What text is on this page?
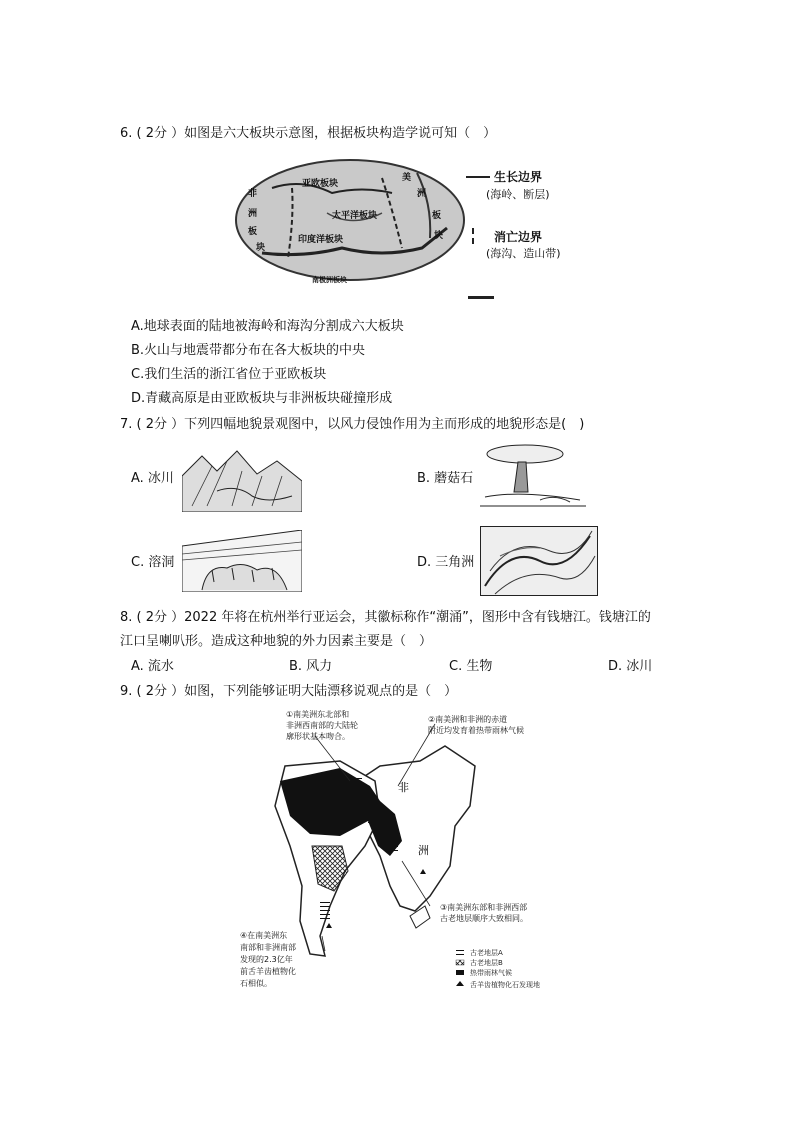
6. ( 2分 ）如图是六大板块示意图，根据板块构造学说可知（　）
亚欧板块
非
洲
板
块
太平洋板块
印度洋板块
南极洲板块
美
洲
板
块
生长边界
(海岭、断层)
消亡边界
(海沟、造山带)
A.地球表面的陆地被海岭和海沟分割成六大板块
B.火山与地震带都分布在各大板块的中央
C.我们生活的浙江省位于亚欧板块
D.青藏高原是由亚欧板块与非洲板块碰撞形成
7. ( 2分 ）下列四幅地貌景观图中，以风力侵蚀作用为主而形成的地貌形态是(　)
A. 冰川	B. 蘑菇石
C. 溶洞	D. 三角洲
8. ( 2分 ）2022 年将在杭州举行亚运会，其徽标称作“潮涌”，图形中含有钱塘江。钱塘江的
江口呈喇叭形。造成这种地貌的外力因素主要是（　）
A. 流水	B. 风力	C. 生物	D. 冰川
9. ( 2分 ）如图，下列能够证明大陆漂移说观点的是（　）
古老地层A
古老地层B
热带雨林气候
舌羊齿植物化石发现地
非
洲
①南美洲东北部和
非洲西南部的大陆轮
廓形状基本吻合。
②南美洲和非洲的赤道
附近均发育着热带雨林气候
③南美洲东部和非洲西部
古老地层顺序大致相同。
④在南美洲东
南部和非洲南部
发现的2.3亿年
前舌羊齿植物化
石相似。
